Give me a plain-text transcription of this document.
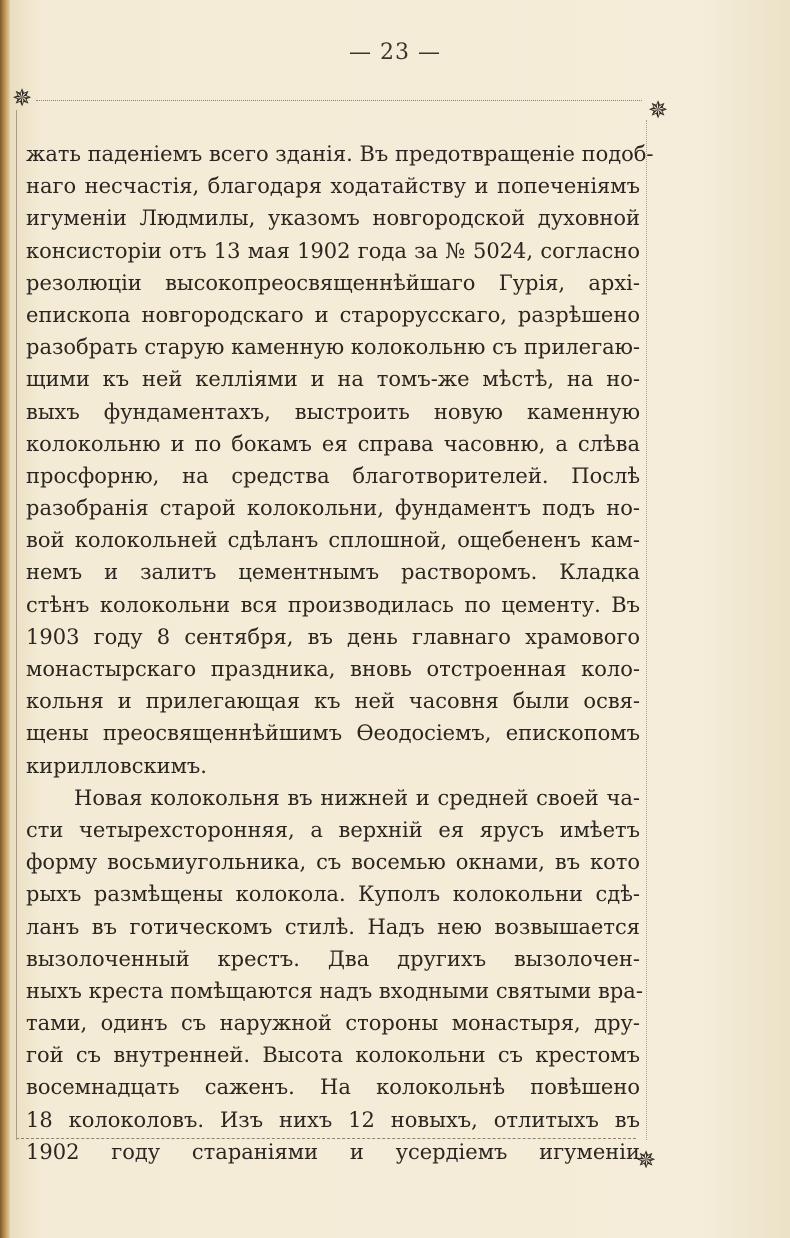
— 23 —
✵	✵
✵
жать паденіемъ всего зданія. Въ предотвращеніе подоб-
наго несчастія, благодаря ходатайству и попеченіямъ
игуменіи Людмилы, указомъ новгородской духовной
консисторіи отъ 13 мая 1902 года за № 5024, согласно
резолюціи высокопреосвященнѣйшаго Гурія, архі-
епископа новгородскаго и старорусскаго, разрѣшено
разобрать старую каменную колокольню съ прилегаю-
щими къ ней келліями и на томъ-же мѣстѣ, на но-
выхъ фундаментахъ, выстроить новую каменную
колокольню и по бокамъ ея справа часовню, а слѣва
просфорню, на средства благотворителей. Послѣ
разобранія старой колокольни, фундаментъ подъ но-
вой колокольней сдѣланъ сплошной, ощебененъ кам-
немъ и залитъ цементнымъ растворомъ. Кладка
стѣнъ колокольни вся производилась по цементу. Въ
1903 году 8 сентября, въ день главнаго храмового
монастырскаго праздника, вновь отстроенная коло-
кольня и прилегающая къ ней часовня были освя-
щены преосвященнѣйшимъ Ѳеодосіемъ, епископомъ
кирилловскимъ.
Новая колокольня въ нижней и средней своей ча-
сти четырехсторонняя, а верхній ея ярусъ имѣетъ
форму восьмиугольника, съ восемью окнами, въ кото
рыхъ размѣщены колокола. Куполъ колокольни сдѣ-
ланъ въ готическомъ стилѣ. Надъ нею возвышается
вызолоченный крестъ. Два другихъ вызолочен-
ныхъ креста помѣщаются надъ входными святыми вра-
тами, одинъ съ наружной стороны монастыря, дру-
гой съ внутренней. Высота колокольни съ крестомъ
восемнадцать саженъ. На колокольнѣ повѣшено
18 колоколовъ. Изъ нихъ 12 новыхъ, отлитыхъ въ
1902 году стараніями и усердіемъ игуменіи
